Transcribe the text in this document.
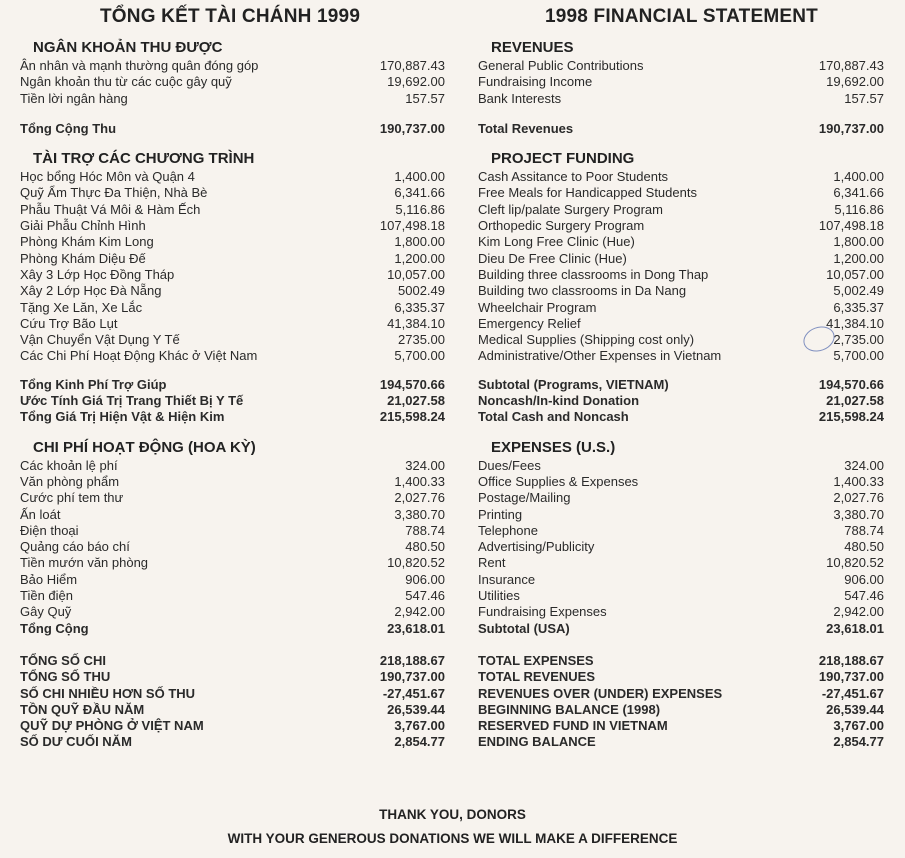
TỔNG KẾT TÀI CHÁNH 1999	1998 FINANCIAL STATEMENT
NGÂN KHOẢN THU ĐƯỢC
Ân nhân và mạnh thường quân đóng góp	170,887.43
Ngân khoản thu từ các cuộc gây quỹ	19,692.00
Tiền lời ngân hàng	157.57
Tổng Cộng Thu	190,737.00
TÀI TRỢ CÁC CHƯƠNG TRÌNH
Học bổng Hóc Môn và Quận 4	1,400.00
Quỹ Ẩm Thực Đa Thiện, Nhà Bè	6,341.66
Phẫu Thuật Vá Môi & Hàm Ếch	5,116.86
Giải Phẫu Chỉnh Hình	107,498.18
Phòng Khám Kim Long	1,800.00
Phòng Khám Diệu Đế	1,200.00
Xây 3 Lớp Học Đồng Tháp	10,057.00
Xây 2 Lớp Học Đà Nẵng	5002.49
Tặng Xe Lăn, Xe Lắc	6,335.37
Cứu Trợ Bão Lụt	41,384.10
Vận Chuyển Vật Dụng Y Tế	2735.00
Các Chi Phí Hoạt Động Khác ở Việt Nam	5,700.00
Tổng Kinh Phí Trợ Giúp	194,570.66
Ước Tính Giá Trị Trang Thiết Bị Y Tế	21,027.58
Tổng Giá Trị Hiện Vật & Hiện Kim	215,598.24
CHI PHÍ HOẠT ĐỘNG (HOA KỲ)
Các khoản lệ phí	324.00
Văn phòng phẩm	1,400.33
Cước phí tem thư	2,027.76
Ấn loát	3,380.70
Điện thoại	788.74
Quảng cáo báo chí	480.50
Tiền mướn văn phòng	10,820.52
Bảo Hiểm	906.00
Tiền điện	547.46
Gây Quỹ	2,942.00
Tổng Cộng	23,618.01
TỔNG SỐ CHI	218,188.67
TỔNG SỐ THU	190,737.00
SỐ CHI NHIỀU HƠN SỐ THU	-27,451.67
TỒN QUỸ ĐẦU NĂM	26,539.44
QUỸ DỰ PHÒNG Ở VIỆT NAM	3,767.00
SỐ DƯ CUỐI NĂM	2,854.77
REVENUES
General Public Contributions	170,887.43
Fundraising Income	19,692.00
Bank Interests	157.57
Total Revenues	190,737.00
PROJECT FUNDING
Cash Assitance to Poor Students	1,400.00
Free Meals for Handicapped Students	6,341.66
Cleft lip/palate Surgery Program	5,116.86
Orthopedic Surgery Program	107,498.18
Kim Long Free Clinic (Hue)	1,800.00
Dieu De Free Clinic (Hue)	1,200.00
Building three classrooms in Dong Thap	10,057.00
Building two classrooms in Da Nang	5,002.49
Wheelchair Program	6,335.37
Emergency Relief	41,384.10
Medical Supplies (Shipping cost only)	2,735.00
Administrative/Other Expenses in Vietnam	5,700.00
Subtotal (Programs, VIETNAM)	194,570.66
Noncash/In-kind Donation	21,027.58
Total Cash and Noncash	215,598.24
EXPENSES (U.S.)
Dues/Fees	324.00
Office Supplies & Expenses	1,400.33
Postage/Mailing	2,027.76
Printing	3,380.70
Telephone	788.74
Advertising/Publicity	480.50
Rent	10,820.52
Insurance	906.00
Utilities	547.46
Fundraising Expenses	2,942.00
Subtotal (USA)	23,618.01
TOTAL EXPENSES	218,188.67
TOTAL REVENUES	190,737.00
REVENUES OVER (UNDER) EXPENSES	-27,451.67
BEGINNING BALANCE (1998)	26,539.44
RESERVED FUND IN VIETNAM	3,767.00
ENDING BALANCE	2,854.77
THANK YOU, DONORS
WITH YOUR GENEROUS DONATIONS WE WILL MAKE A DIFFERENCE
